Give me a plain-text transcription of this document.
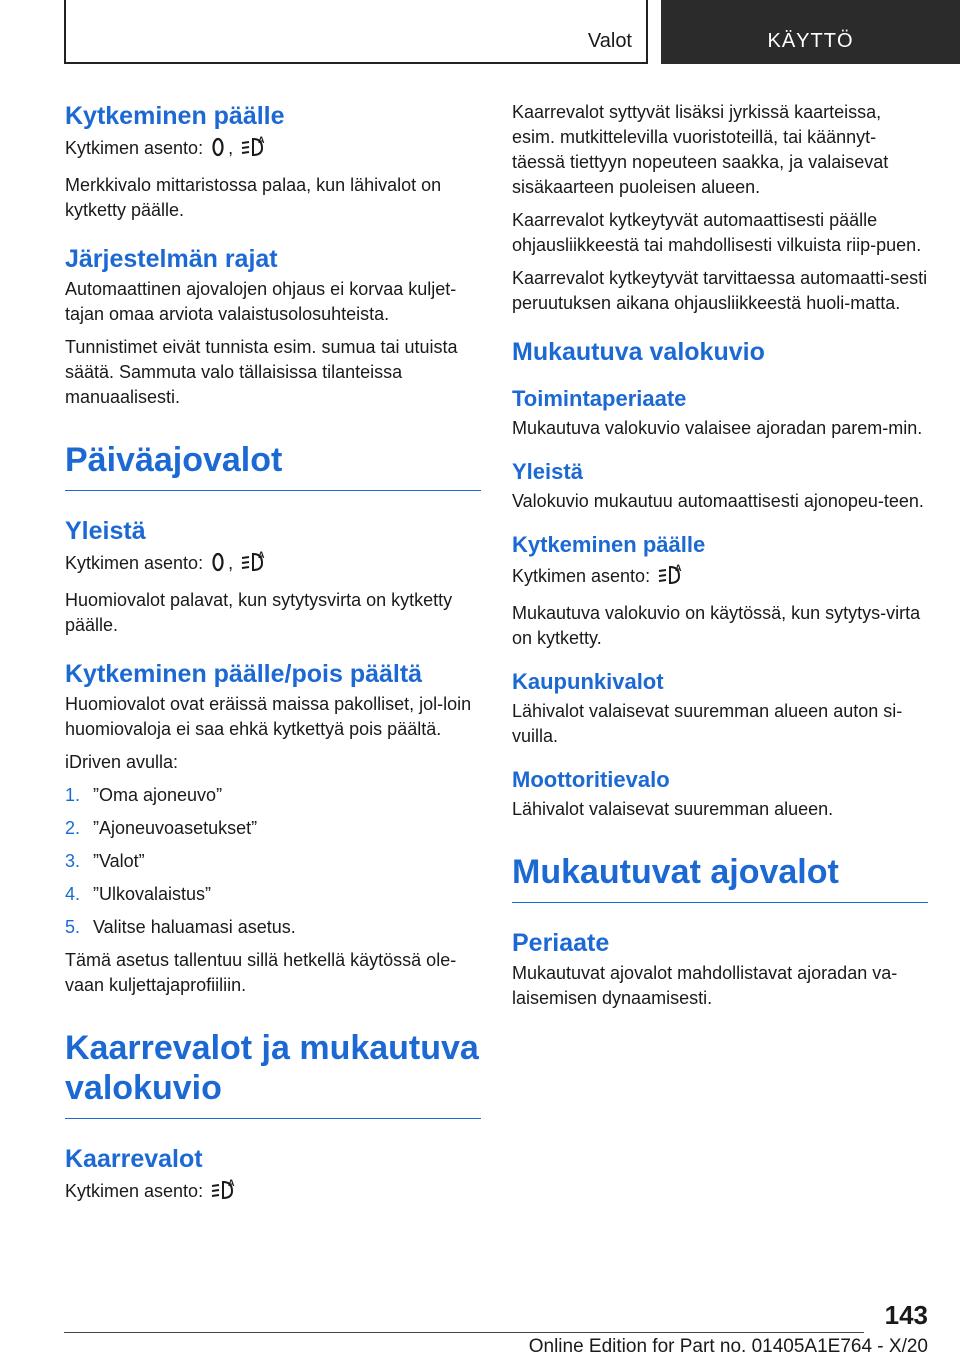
Valot	KÄYTTÖ
Kytkeminen päälle

Kytkimen asento: ,	A

Merkkivalo mittaristossa palaa, kun lähivalot on kytketty päälle.

Järjestelmän rajat

Automaattinen ajovalojen ohjaus ei korvaa kuljet-tajan omaa arviota valaistusolosuhteista.

Tunnistimet eivät tunnista esim. sumua tai utuista säätä. Sammuta valo tällaisissa tilanteissa manuaalisesti.

Päiväajovalot
Yleistä

Kytkimen asento: ,	A

Huomiovalot palavat, kun sytytysvirta on kytketty päälle.

Kytkeminen päälle/pois päältä

Huomiovalot ovat eräissä maissa pakolliset, jol-loin huomiovaloja ei saa ehkä kytkettyä pois päältä.

iDriven avulla:

1. ”Oma ajoneuvo”
2. ”Ajoneuvoasetukset”
3. ”Valot”
4. ”Ulkovalaistus”
5. Valitse haluamasi asetus.

Tämä asetus tallentuu sillä hetkellä käytössä ole-vaan kuljettajaprofiiliin.

Kaarrevalot ja mukautuva valokuvio
Kaarrevalot

Kytkimen asento:	A

Kaarrevalot syttyvät lisäksi jyrkissä kaarteissa, esim. mutkittelevilla vuoristoteillä, tai käännyt-täessä tiettyyn nopeuteen saakka, ja valaisevat sisäkaarteen puoleisen alueen.

Kaarrevalot kytkeytyvät automaattisesti päälle ohjausliikkeestä tai mahdollisesti vilkuista riip-puen.

Kaarrevalot kytkeytyvät tarvittaessa automaatti-sesti peruutuksen aikana ohjausliikkeestä huoli-matta.

Mukautuva valokuvio
Toimintaperiaate

Mukautuva valokuvio valaisee ajoradan parem-min.

Yleistä

Valokuvio mukautuu automaattisesti ajonopeu-teen.

Kytkeminen päälle

Kytkimen asento:	A

Mukautuva valokuvio on käytössä, kun sytytys-virta on kytketty.

Kaupunkivalot

Lähivalot valaisevat suuremman alueen auton si-vuilla.

Moottoritievalo

Lähivalot valaisevat suuremman alueen.

Mukautuvat ajovalot
Periaate

Mukautuvat ajovalot mahdollistavat ajoradan va-laisemisen dynaamisesti.

143
Online Edition for Part no. 01405A1E764 - X/20
